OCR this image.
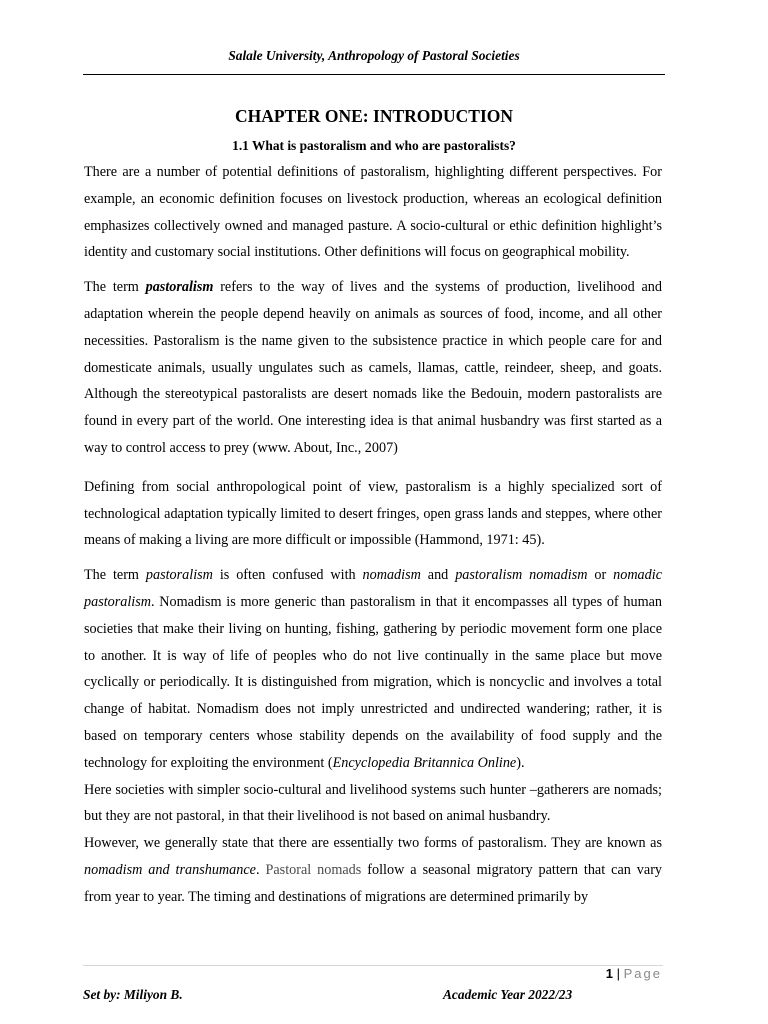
Salale University, Anthropology of Pastoral Societies
CHAPTER ONE: INTRODUCTION
1.1 What is pastoralism and who are pastoralists?

There are a number of potential definitions of pastoralism, highlighting different perspectives. For example, an economic definition focuses on livestock production, whereas an ecological definition emphasizes collectively owned and managed pasture. A socio-cultural or ethic definition highlight’s identity and customary social institutions. Other definitions will focus on geographical mobility.

The term pastoralism refers to the way of lives and the systems of production, livelihood and adaptation wherein the people depend heavily on animals as sources of food, income, and all other necessities. Pastoralism is the name given to the subsistence practice in which people care for and domesticate animals, usually ungulates such as camels, llamas, cattle, reindeer, sheep, and goats. Although the stereotypical pastoralists are desert nomads like the Bedouin, modern pastoralists are found in every part of the world. One interesting idea is that animal husbandry was first started as a way to control access to prey (www. About, Inc., 2007)

Defining from social anthropological point of view, pastoralism is a highly specialized sort of technological adaptation typically limited to desert fringes, open grass lands and steppes, where other means of making a living are more difficult or impossible (Hammond, 1971: 45).

The term pastoralism is often confused with nomadism and pastoralism nomadism or nomadic pastoralism. Nomadism is more generic than pastoralism in that it encompasses all types of human societies that make their living on hunting, fishing, gathering by periodic movement form one place to another. It is way of life of peoples who do not live continually in the same place but move cyclically or periodically. It is distinguished from migration, which is noncyclic and involves a total change of habitat. Nomadism does not imply unrestricted and undirected wandering; rather, it is based on temporary centers whose stability depends on the availability of food supply and the technology for exploiting the environment (Encyclopedia Britannica Online).

Here societies with simpler socio-cultural and livelihood systems such hunter –gatherers are nomads; but they are not pastoral, in that their livelihood is not based on animal husbandry.

However, we generally state that there are essentially two forms of pastoralism. They are known as nomadism and transhumance. Pastoral nomads follow a seasonal migratory pattern that can vary from year to year. The timing and destinations of migrations are determined primarily by

1 | Page
Set by: Miliyon B.	Academic Year 2022/23
